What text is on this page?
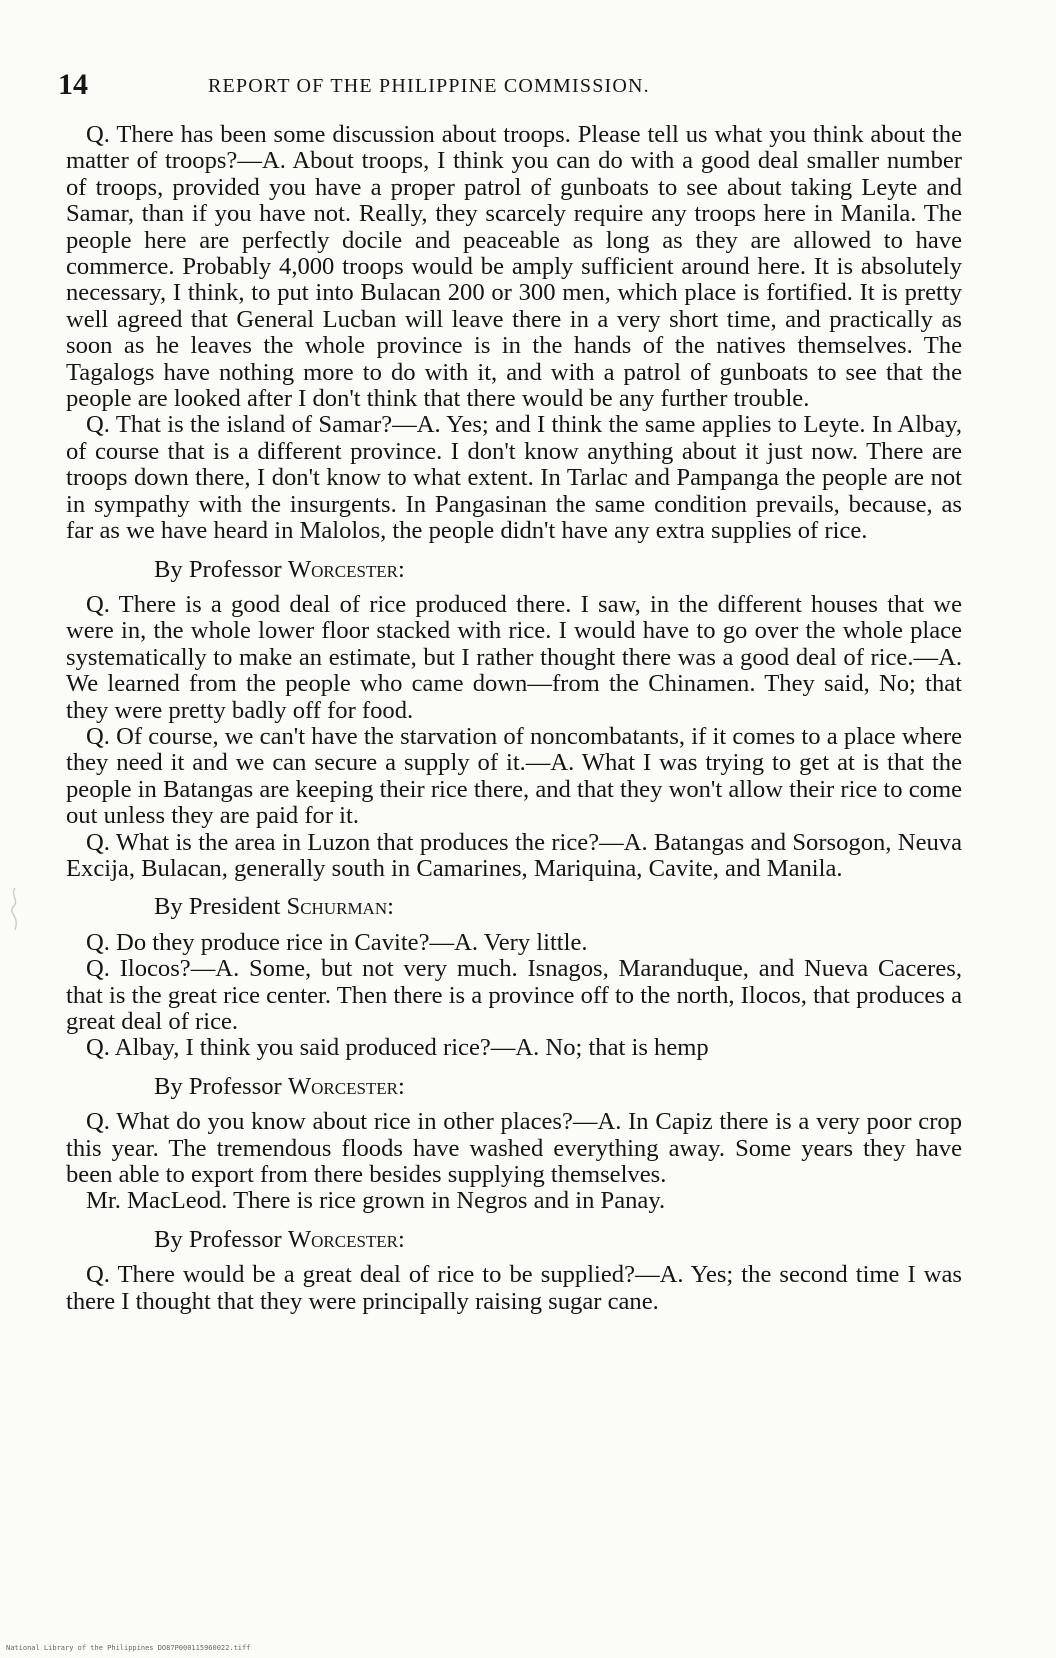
14	REPORT OF THE PHILIPPINE COMMISSION.

Q. There has been some discussion about troops. Please tell us what you think about the matter of troops?—A. About troops, I think you can do with a good deal smaller number of troops, provided you have a proper patrol of gunboats to see about taking Leyte and Samar, than if you have not. Really, they scarcely require any troops here in Manila. The people here are perfectly docile and peaceable as long as they are allowed to have commerce. Probably 4,000 troops would be amply sufficient around here. It is absolutely necessary, I think, to put into Bulacan 200 or 300 men, which place is fortified. It is pretty well agreed that General Lucban will leave there in a very short time, and practically as soon as he leaves the whole province is in the hands of the natives themselves. The Tagalogs have nothing more to do with it, and with a patrol of gunboats to see that the people are looked after I don't think that there would be any further trouble.

Q. That is the island of Samar?—A. Yes; and I think the same applies to Leyte. In Albay, of course that is a different province. I don't know anything about it just now. There are troops down there, I don't know to what extent. In Tarlac and Pampanga the people are not in sympathy with the insurgents. In Pangasinan the same condition prevails, because, as far as we have heard in Malolos, the people didn't have any extra supplies of rice.

By Professor Worcester:

Q. There is a good deal of rice produced there. I saw, in the different houses that we were in, the whole lower floor stacked with rice. I would have to go over the whole place systematically to make an estimate, but I rather thought there was a good deal of rice.—A. We learned from the people who came down—from the Chinamen. They said, No; that they were pretty badly off for food.

Q. Of course, we can't have the starvation of noncombatants, if it comes to a place where they need it and we can secure a supply of it.—A. What I was trying to get at is that the people in Batangas are keeping their rice there, and that they won't allow their rice to come out unless they are paid for it.

Q. What is the area in Luzon that produces the rice?—A. Batangas and Sorsogon, Neuva Excija, Bulacan, generally south in Camarines, Mariquina, Cavite, and Manila.

By President Schurman:

Q. Do they produce rice in Cavite?—A. Very little.

Q. Ilocos?—A. Some, but not very much. Isnagos, Maranduque, and Nueva Caceres, that is the great rice center. Then there is a province off to the north, Ilocos, that produces a great deal of rice.

Q. Albay, I think you said produced rice?—A. No; that is hemp

By Professor Worcester:

Q. What do you know about rice in other places?—A. In Capiz there is a very poor crop this year. The tremendous floods have washed everything away. Some years they have been able to export from there besides supplying themselves.

Mr. MacLeod. There is rice grown in Negros and in Panay.

By Professor Worcester:

Q. There would be a great deal of rice to be supplied?—A. Yes; the second time I was there I thought that they were principally raising sugar cane.

National Library of the Philippines DO87P000115960022.tiff
